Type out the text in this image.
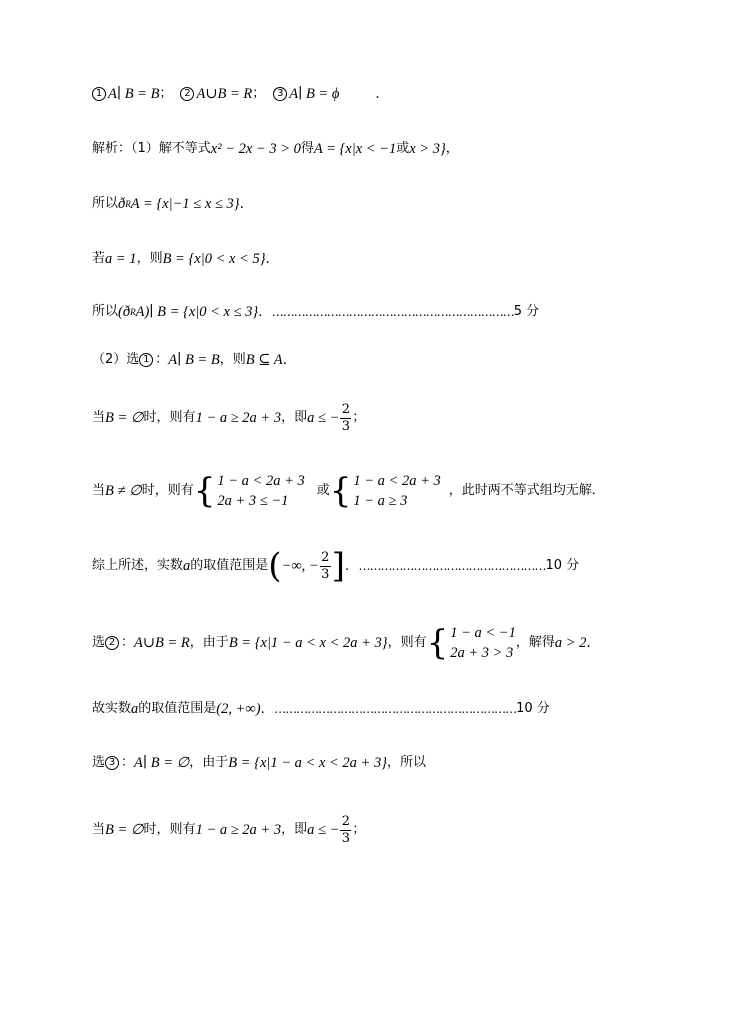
1 A∣ B = B ；	2 A∪B = R ；	3 A∣ B = ϕ	.
解析：（1）解不等式 x² − 2x − 3 > 0 得 A = {x|x < −1 或 x > 3} ，
所以 ð R A = {x|−1 ≤ x ≤ 3} .
若 a = 1 ，则 B = {x|0 < x < 5} .
所以 (ð R A)∣ B = {x|0 < x ≤ 3} ． ………………………………………………………… 5 分
（2）选 1 ： A∣ B = B ，则 B ⊆ A .
当 B = ∅ 时，则有 1 − a ≥ 2a + 3 ，即 a ≤ − $\frac{2}{3}$ ；
当 B ≠ ∅ 时，则有 { 1 − a < 2a + 3
2a + 3 ≤ −1
或 { 1 − a < 2a + 3
1 − a ≥ 3
，此时两不等式组均无解．
综上所述，实数 a 的取值范围是 ( −∞, − $\frac{2}{3}$ ] ． …………………………………………… 10 分
选 2 ： A∪B = R ，由于 B = {x|1 − a < x < 2a + 3} ，则有 { 1 − a < −1
2a + 3 > 3
，解得 a > 2 .
故实数 a 的取值范围是 (2, +∞) ． ………………………………………………………… 10 分
选 3 ： A∣ B = ∅ ，由于 B = {x|1 − a < x < 2a + 3} ，所以
当 B = ∅ 时，则有 1 − a ≥ 2a + 3 ，即 a ≤ − $\frac{2}{3}$ ；
